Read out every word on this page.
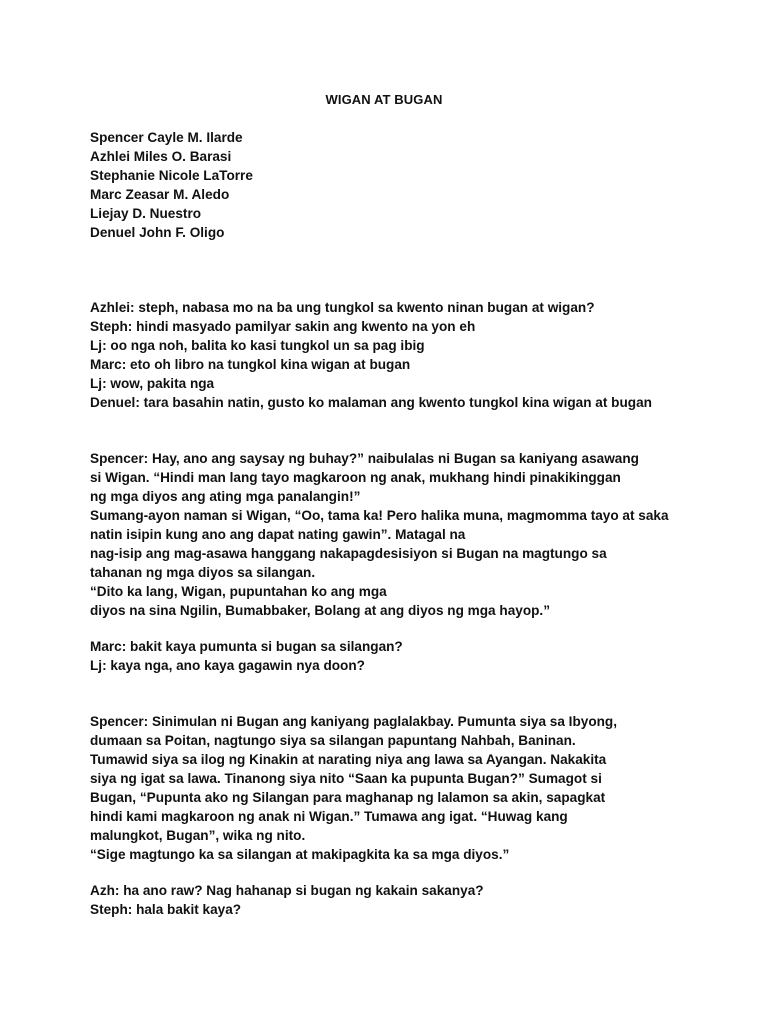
WIGAN AT BUGAN
Spencer Cayle M. Ilarde
Azhlei Miles O. Barasi
Stephanie Nicole LaTorre
Marc Zeasar M. Aledo
Liejay D. Nuestro
Denuel John F. Oligo
Azhlei: steph, nabasa mo na ba ung tungkol sa kwento ninan bugan at wigan?
Steph: hindi masyado pamilyar sakin ang kwento na yon eh
Lj: oo nga noh, balita ko kasi tungkol un sa pag ibig
Marc: eto oh libro na tungkol kina wigan at bugan
Lj: wow, pakita nga
Denuel: tara basahin natin, gusto ko malaman ang kwento tungkol kina wigan at bugan
Spencer: Hay, ano ang saysay ng buhay?” naibulalas ni Bugan sa kaniyang asawang
si Wigan. “Hindi man lang tayo magkaroon ng anak, mukhang hindi pinakikinggan
ng mga diyos ang ating mga panalangin!”
Sumang-ayon naman si Wigan, “Oo, tama ka! Pero halika muna, magmomma tayo at saka
natin isipin kung ano ang dapat nating gawin”. Matagal na
nag-isip ang mag-asawa hanggang nakapagdesisiyon si Bugan na magtungo sa
tahanan ng mga diyos sa silangan.
“Dito ka lang, Wigan, pupuntahan ko ang mga
diyos na sina Ngilin, Bumabbaker, Bolang at ang diyos ng mga hayop.”
Marc: bakit kaya pumunta si bugan sa silangan?
Lj: kaya nga, ano kaya gagawin nya doon?
Spencer: Sinimulan ni Bugan ang kaniyang paglalakbay. Pumunta siya sa Ibyong,
dumaan sa Poitan, nagtungo siya sa silangan papuntang Nahbah, Baninan.
Tumawid siya sa ilog ng Kinakin at narating niya ang lawa sa Ayangan. Nakakita
siya ng igat sa lawa. Tinanong siya nito “Saan ka pupunta Bugan?” Sumagot si
Bugan, “Pupunta ako ng Silangan para maghanap ng lalamon sa akin, sapagkat
hindi kami magkaroon ng anak ni Wigan.” Tumawa ang igat. “Huwag kang
malungkot, Bugan”, wika ng nito.
“Sige magtungo ka sa silangan at makipagkita ka sa mga diyos.”
Azh: ha ano raw? Nag hahanap si bugan ng kakain sakanya?
Steph: hala bakit kaya?
